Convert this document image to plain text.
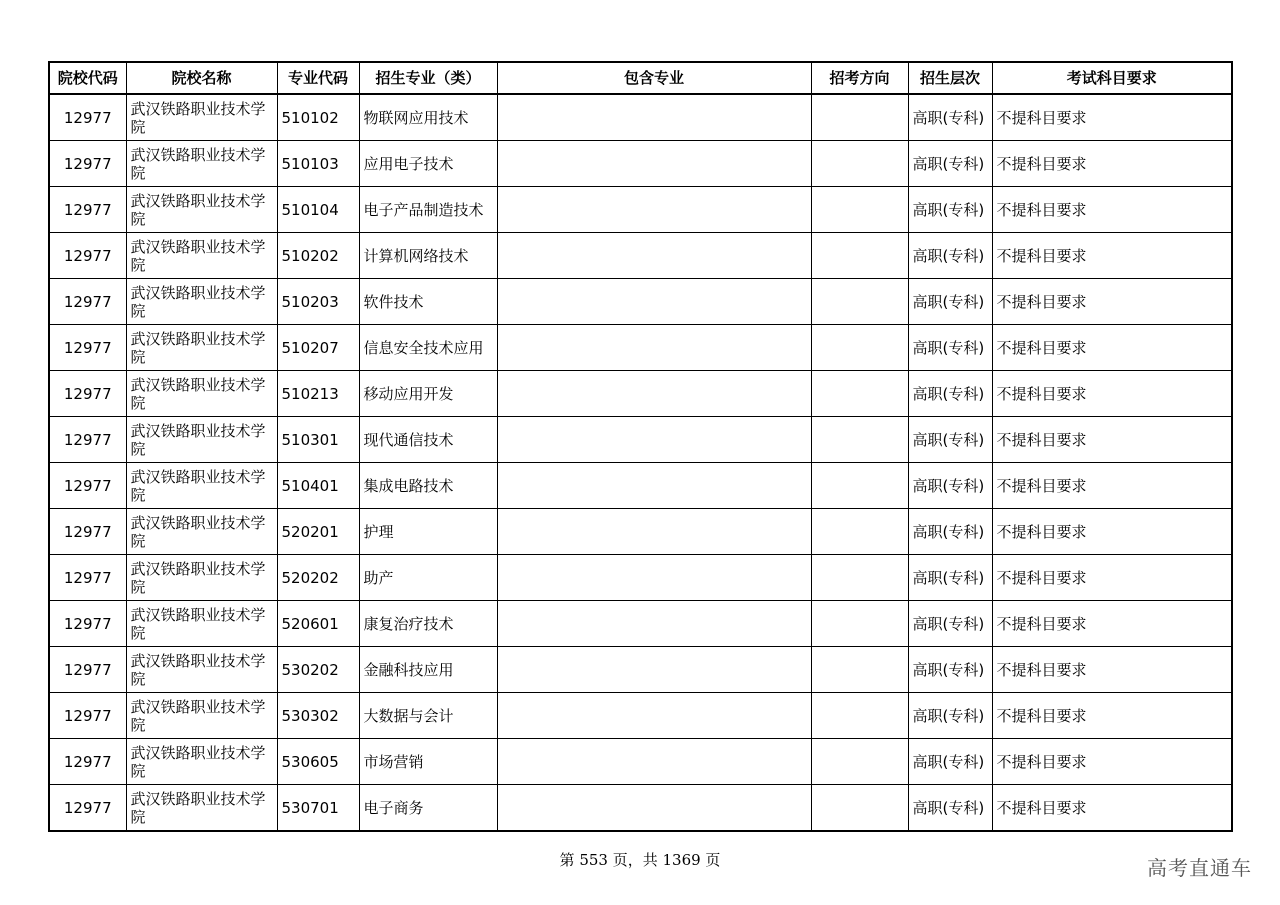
院校代码	院校名称	专业代码	招生专业（类）	包含专业	招考方向	招生层次	考试科目要求
12977	武汉铁路职业技术学院	510102	物联网应用技术			高职(专科)	不提科目要求
12977	武汉铁路职业技术学院	510103	应用电子技术			高职(专科)	不提科目要求
12977	武汉铁路职业技术学院	510104	电子产品制造技术			高职(专科)	不提科目要求
12977	武汉铁路职业技术学院	510202	计算机网络技术			高职(专科)	不提科目要求
12977	武汉铁路职业技术学院	510203	软件技术			高职(专科)	不提科目要求
12977	武汉铁路职业技术学院	510207	信息安全技术应用			高职(专科)	不提科目要求
12977	武汉铁路职业技术学院	510213	移动应用开发			高职(专科)	不提科目要求
12977	武汉铁路职业技术学院	510301	现代通信技术			高职(专科)	不提科目要求
12977	武汉铁路职业技术学院	510401	集成电路技术			高职(专科)	不提科目要求
12977	武汉铁路职业技术学院	520201	护理			高职(专科)	不提科目要求
12977	武汉铁路职业技术学院	520202	助产			高职(专科)	不提科目要求
12977	武汉铁路职业技术学院	520601	康复治疗技术			高职(专科)	不提科目要求
12977	武汉铁路职业技术学院	530202	金融科技应用			高职(专科)	不提科目要求
12977	武汉铁路职业技术学院	530302	大数据与会计			高职(专科)	不提科目要求
12977	武汉铁路职业技术学院	530605	市场营销			高职(专科)	不提科目要求
12977	武汉铁路职业技术学院	530701	电子商务			高职(专科)	不提科目要求
第 553 页，共 1369 页	高考直通车
